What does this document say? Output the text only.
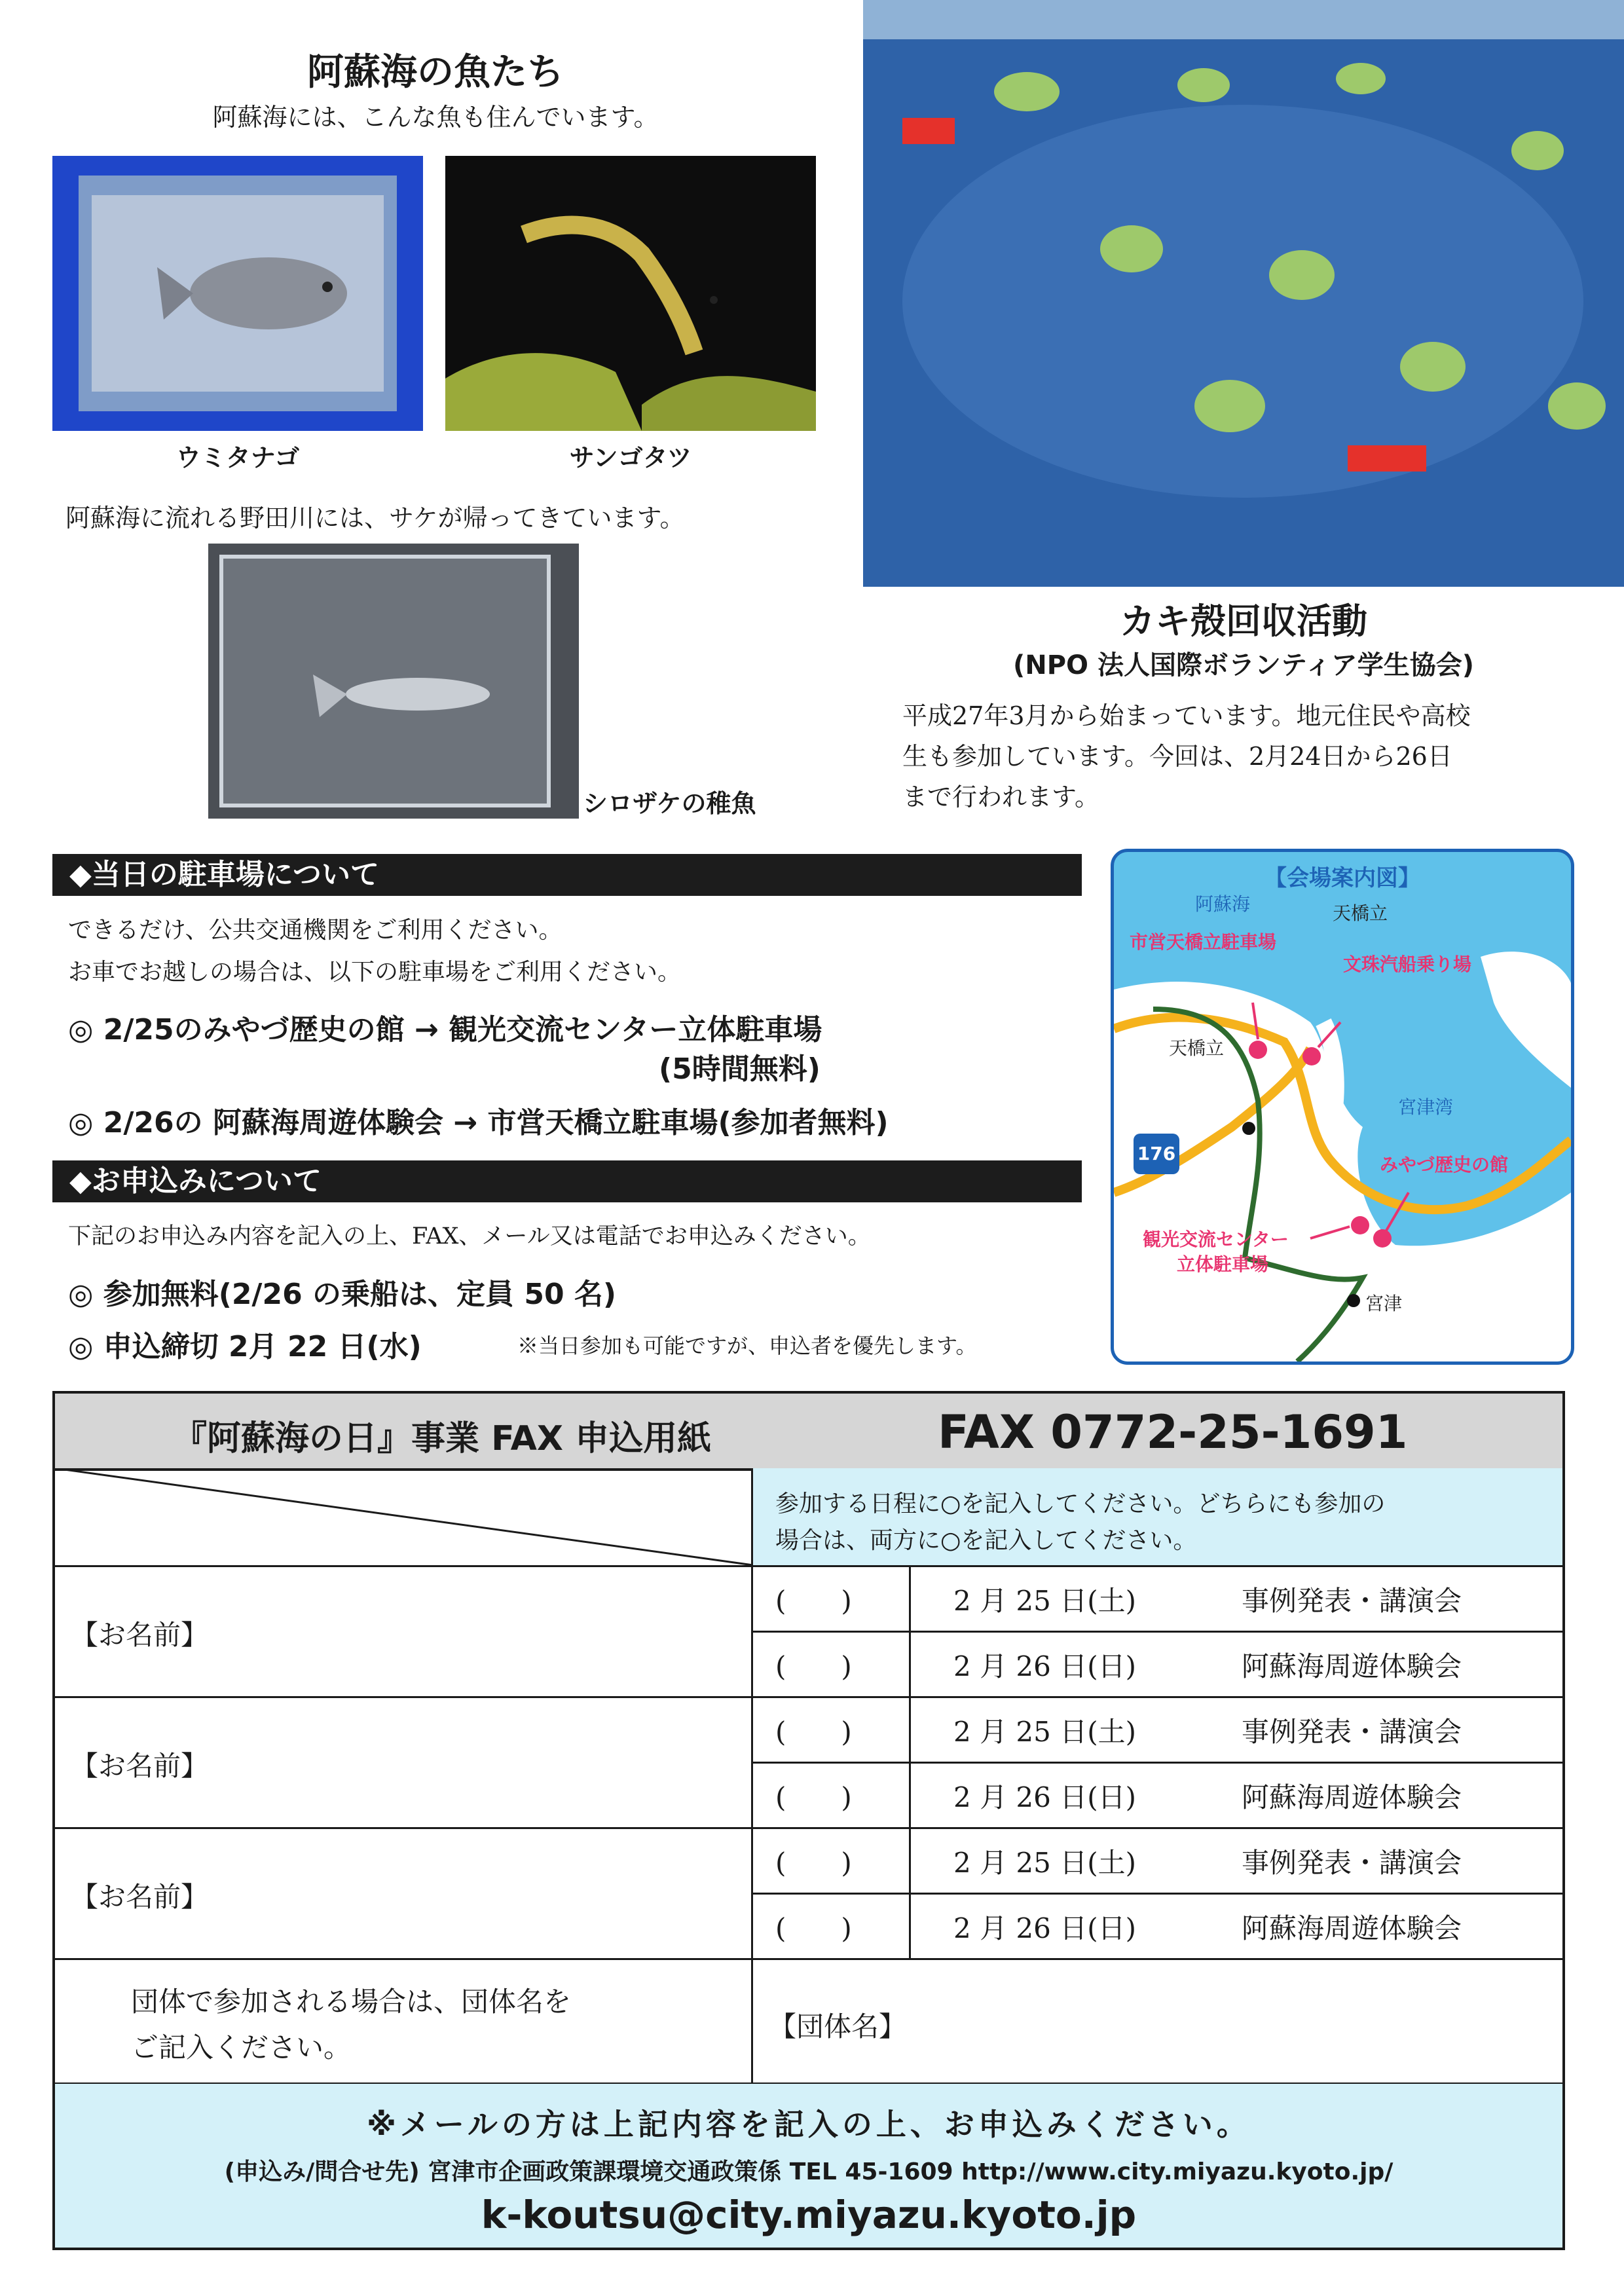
阿蘇海の魚たち
阿蘇海には、こんな魚も住んでいます。
ウミタナゴ	サンゴタツ
阿蘇海に流れる野田川には、サケが帰ってきています。
シロザケの稚魚
カキ殻回収活動
(NPO 法人国際ボランティア学生協会)
平成27年3月から始まっています。地元住民や高校
生も参加しています。今回は、2月24日から26日
まで行われます。
◆当日の駐車場について
できるだけ、公共交通機関をご利用ください。
お車でお越しの場合は、以下の駐車場をご利用ください。
◎ 2/25のみやづ歴史の館 → 観光交流センター立体駐車場
(5時間無料)
◎ 2/26の 阿蘇海周遊体験会 → 市営天橋立駐車場(参加者無料)
◆お申込みについて
下記のお申込み内容を記入の上、FAX、メール又は電話でお申込みください。
◎ 参加無料(2/26 の乗船は、定員 50 名)
◎ 申込締切 2月 22 日(水)	※当日参加も可能ですが、申込者を優先します。
【会場案内図】
阿蘇海	天橋立
市営天橋立駐車場
文珠汽船乗り場
天橋立
宮津湾
176
みやづ歴史の館
観光交流センター
立体駐車場
宮津
『阿蘇海の日』事業 FAX 申込用紙	FAX 0772-25-1691
参加する日程に○を記入してください。どちらにも参加の
場合は、両方に○を記入してください。
【お名前】
(　　)	2 月 25 日(土)	事例発表・講演会
(　　)	2 月 26 日(日)	阿蘇海周遊体験会
【お名前】
(　　)	2 月 25 日(土)	事例発表・講演会
(　　)	2 月 26 日(日)	阿蘇海周遊体験会
【お名前】
(　　)	2 月 25 日(土)	事例発表・講演会
(　　)	2 月 26 日(日)	阿蘇海周遊体験会
団体で参加される場合は、団体名を
ご記入ください。
【団体名】
※メールの方は上記内容を記入の上、お申込みください。
(申込み/問合せ先) 宮津市企画政策課環境交通政策係 TEL 45-1609 http://www.city.miyazu.kyoto.jp/
k-koutsu@city.miyazu.kyoto.jp
